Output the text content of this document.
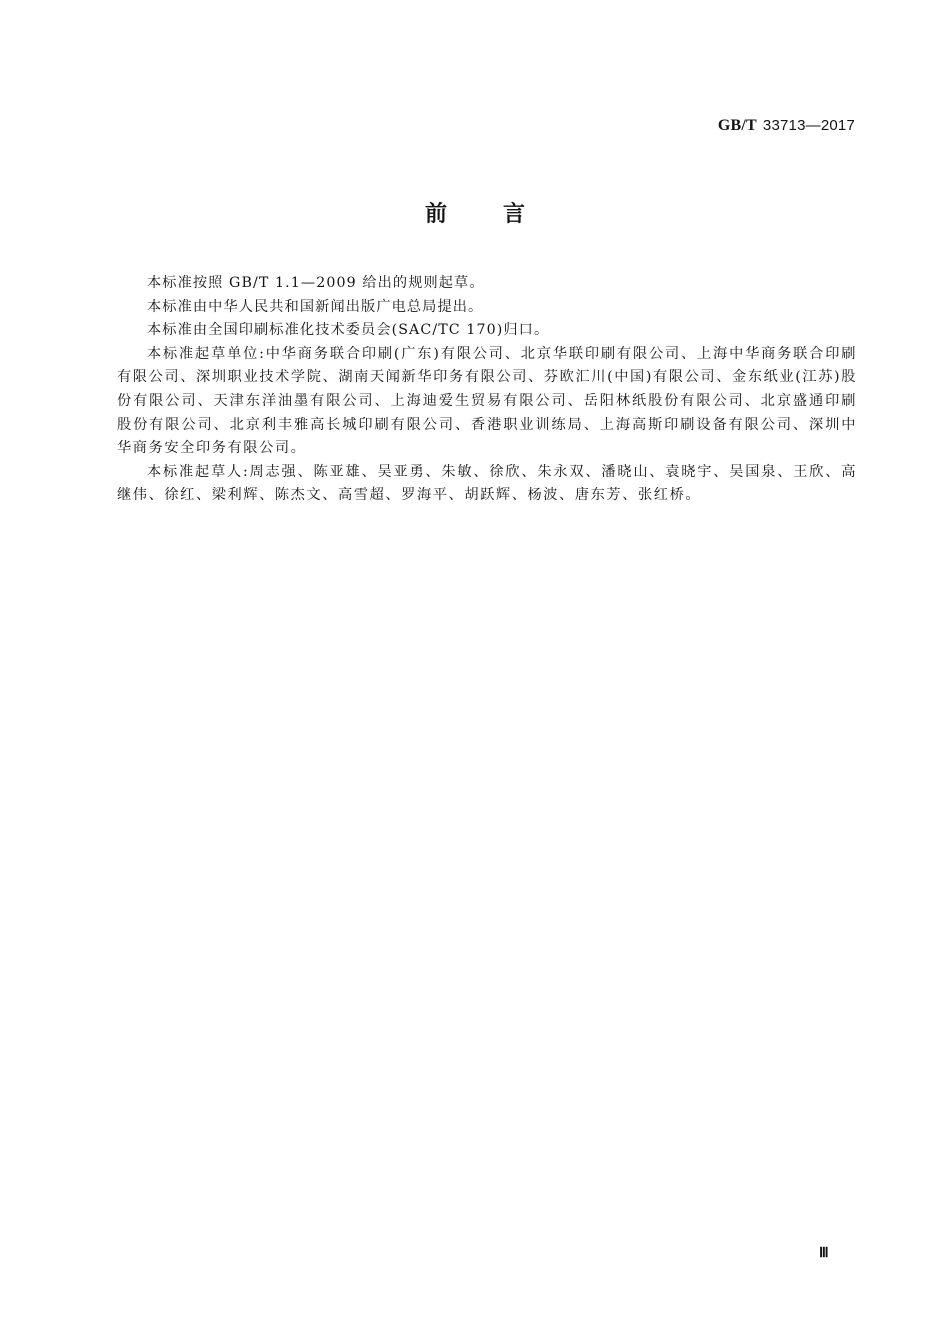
GB/T 33713—2017
前	言

本标准按照 GB/T 1.1—2009 给出的规则起草。

本标准由中华人民共和国新闻出版广电总局提出。

本标准由全国印刷标准化技术委员会(SAC/TC 170)归口。

本标准起草单位:中华商务联合印刷(广东)有限公司、北京华联印刷有限公司、上海中华商务联合印刷有限公司、深圳职业技术学院、湖南天闻新华印务有限公司、芬欧汇川(中国)有限公司、金东纸业(江苏)股份有限公司、天津东洋油墨有限公司、上海迪爱生贸易有限公司、岳阳林纸股份有限公司、北京盛通印刷股份有限公司、北京利丰雅高长城印刷有限公司、香港职业训练局、上海高斯印刷设备有限公司、深圳中华商务安全印务有限公司。

本标准起草人:周志强、陈亚雄、吴亚勇、朱敏、徐欣、朱永双、潘晓山、袁晓宇、吴国泉、王欣、高继伟、徐红、梁利辉、陈杰文、高雪超、罗海平、胡跃辉、杨波、唐东芳、张红桥。

Ⅲ
